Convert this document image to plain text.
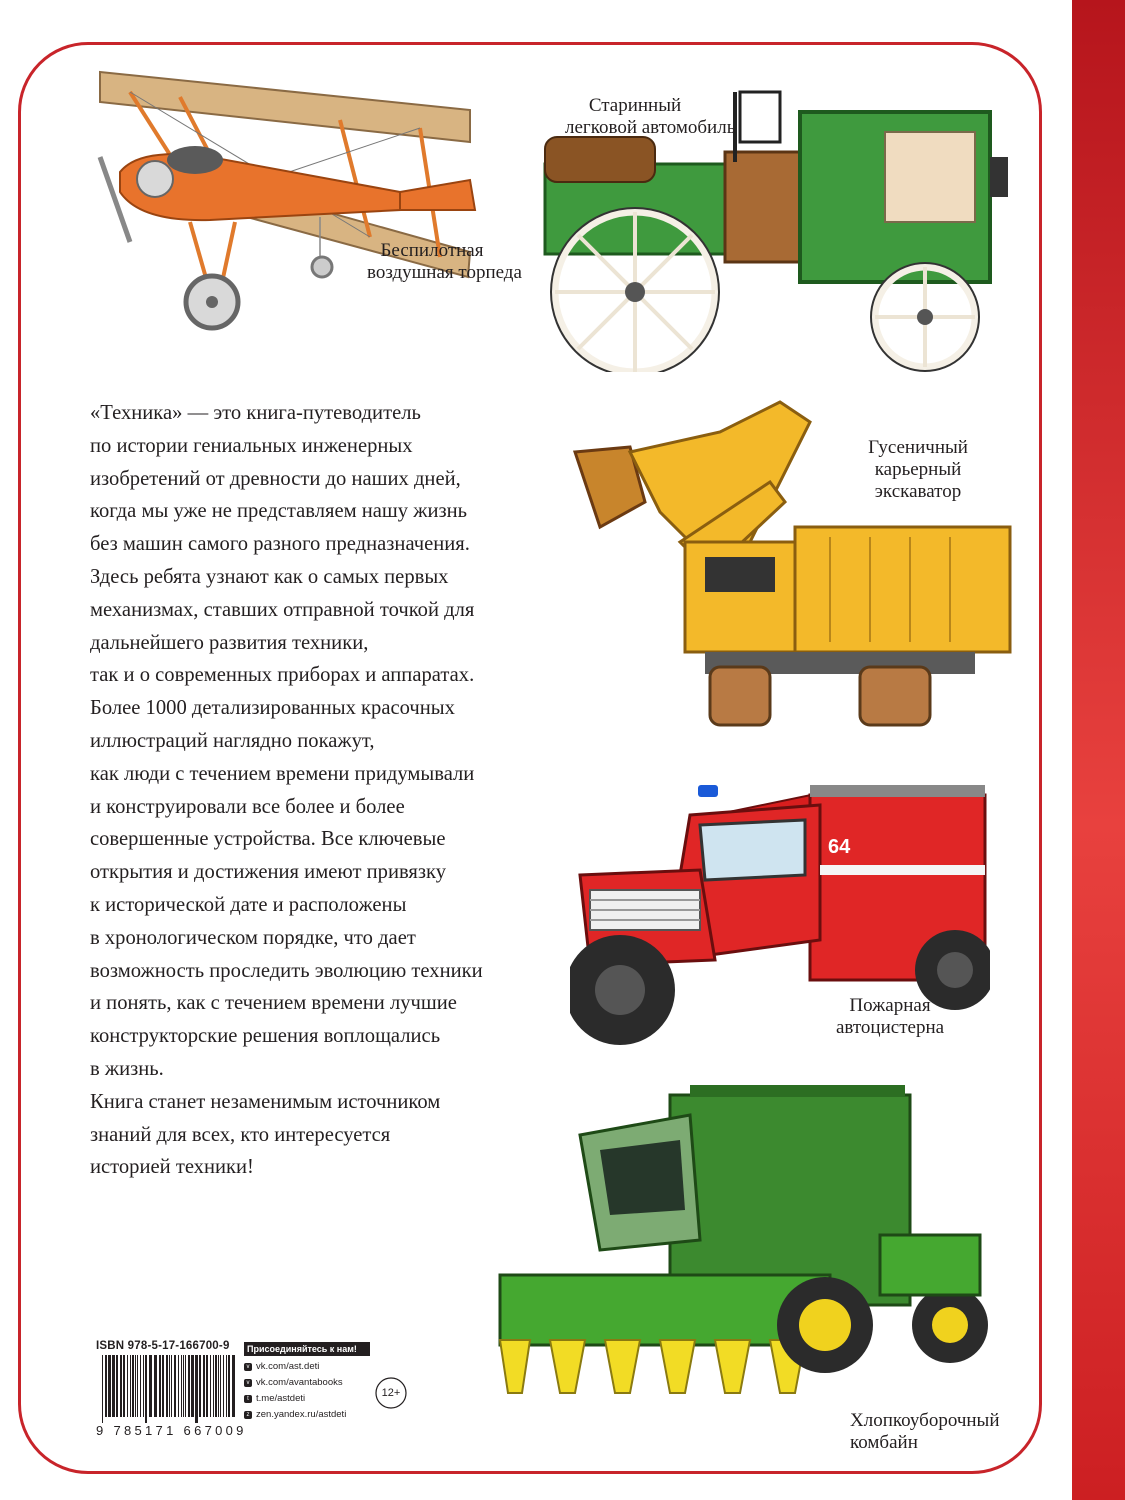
Беспилотная
воздушная торпеда
Старинный
легковой автомобиль
Гусеничный
карьерный
экскаватор
64
Пожарная
автоцистерна
Хлопкоуборочный
комбайн
«Техника» — это книга-путеводитель
по истории гениальных инженерных
изобретений от древности до наших дней,
когда мы уже не представляем нашу жизнь
без машин самого разного предназначения.
Здесь ребята узнают как о самых первых
механизмах, ставших отправной точкой для
дальнейшего развития техники,
так и о современных приборах и аппаратах.
Более 1000 детализированных красочных
иллюстраций наглядно покажут,
как люди с течением времени придумывали
и конструировали все более и более
совершенные устройства. Все ключевые
открытия и достижения имеют привязку
к исторической дате и расположены
в хронологическом порядке, что дает
возможность проследить эволюцию техники
и понять, как с течением времени лучшие
конструкторские решения воплощались
в жизнь.
Книга станет незаменимым источником
знаний для всех, кто интересуется
историей техники!
ISBN 978-5-17-166700-9
9 785171 667009
Присоединяйтесь к нам!
v vk.com/ast.deti
v vk.com/avantabooks
t t.me/astdeti
z zen.yandex.ru/astdeti
12+
